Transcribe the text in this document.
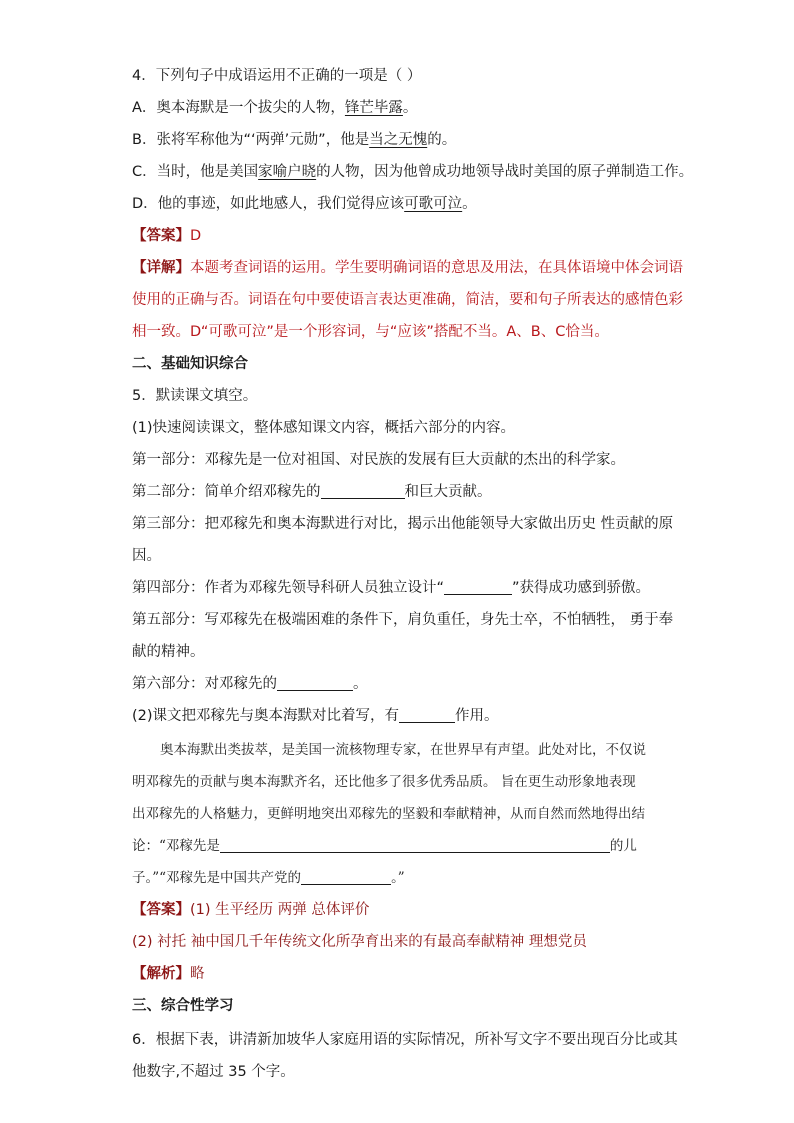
4．下列句子中成语运用不正确的一项是（ ）
A．奥本海默是一个拔尖的人物，锋芒毕露。
B．张将军称他为“‘两弹’元勋”，他是当之无愧的。
C．当时，他是美国家喻户晓的人物，因为他曾成功地领导战时美国的原子弹制造工作。
D．他的事迹，如此地感人，我们觉得应该可歌可泣。
【答案】D
【详解】本题考查词语的运用。学生要明确词语的意思及用法，在具体语境中体会词语
使用的正确与否。词语在句中要使语言表达更准确，简洁，要和句子所表达的感情色彩
相一致。D“可歌可泣”是一个形容词，与“应该”搭配不当。A、B、C恰当。
二、基础知识综合
5．默读课文填空。
(1)快速阅读课文，整体感知课文内容，概括六部分的内容。
第一部分：邓稼先是一位对祖国、对民族的发展有巨大贡献的杰出的科学家。
第二部分：简单介绍邓稼先的	和巨大贡献。
第三部分：把邓稼先和奥本海默进行对比，揭示出他能领导大家做出历史 性贡献的原
因。
第四部分：作者为邓稼先领导科研人员独立设计“	”获得成功感到骄傲。
第五部分：写邓稼先在极端困难的条件下，肩负重任，身先士卒，不怕牺牲， 勇于奉
献的精神。
第六部分：对邓稼先的	。
(2)课文把邓稼先与奥本海默对比着写，有	作用。
奥本海默出类拔萃，是美国一流核物理专家，在世界早有声望。此处对比，不仅说
明邓稼先的贡献与奥本海默齐名，还比他多了很多优秀品质。 旨在更生动形象地表现
出邓稼先的人格魅力，更鲜明地突出邓稼先的坚毅和奉献精神，从而自然而然地得出结
论：“邓稼先是	的儿
子。”“邓稼先是中国共产党的	。”
【答案】(1) 生平经历 两弹 总体评价
(2) 衬托 袖中国几千年传统文化所孕育出来的有最高奉献精神 理想党员
【解析】略
三、综合性学习
6．根据下表，讲清新加坡华人家庭用语的实际情况，所补写文字不要出现百分比或其
他数字,不超过 35 个字。
